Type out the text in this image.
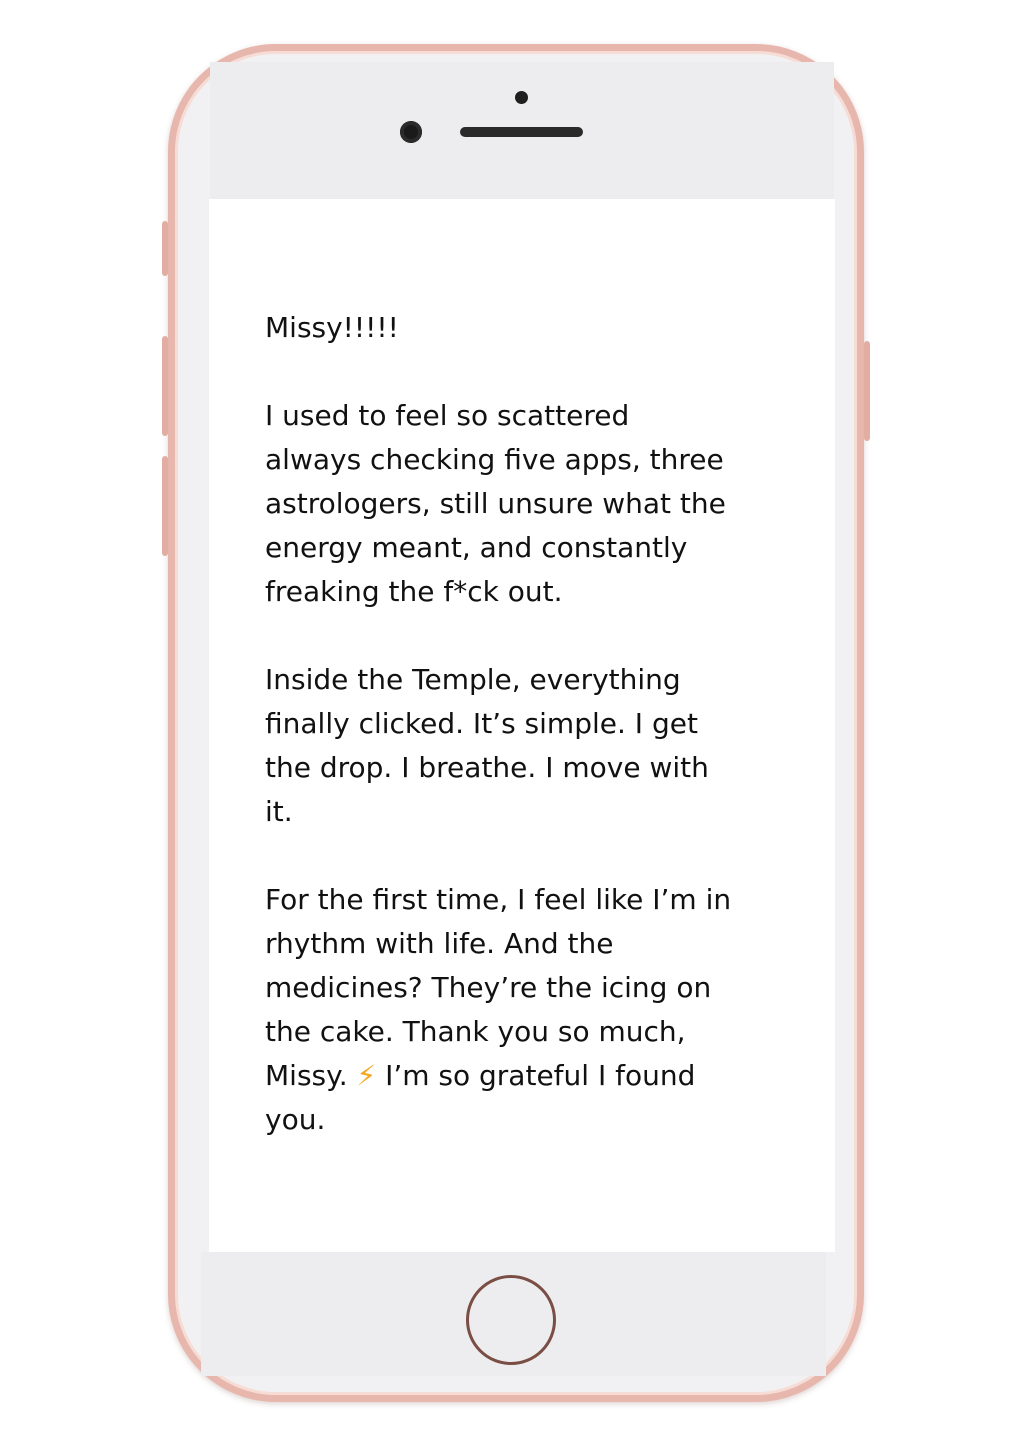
Missy!!!!!

I used to feel so scattered
always checking five apps, three
astrologers, still unsure what the
energy meant, and constantly
freaking the f*ck out.

Inside the Temple, everything
finally clicked. It’s simple. I get
the drop. I breathe. I move with
it.

For the first time, I feel like I’m in
rhythm with life. And the
medicines? They’re the icing on
the cake. Thank you so much,
Missy. ⚡ I’m so grateful I found
you.
